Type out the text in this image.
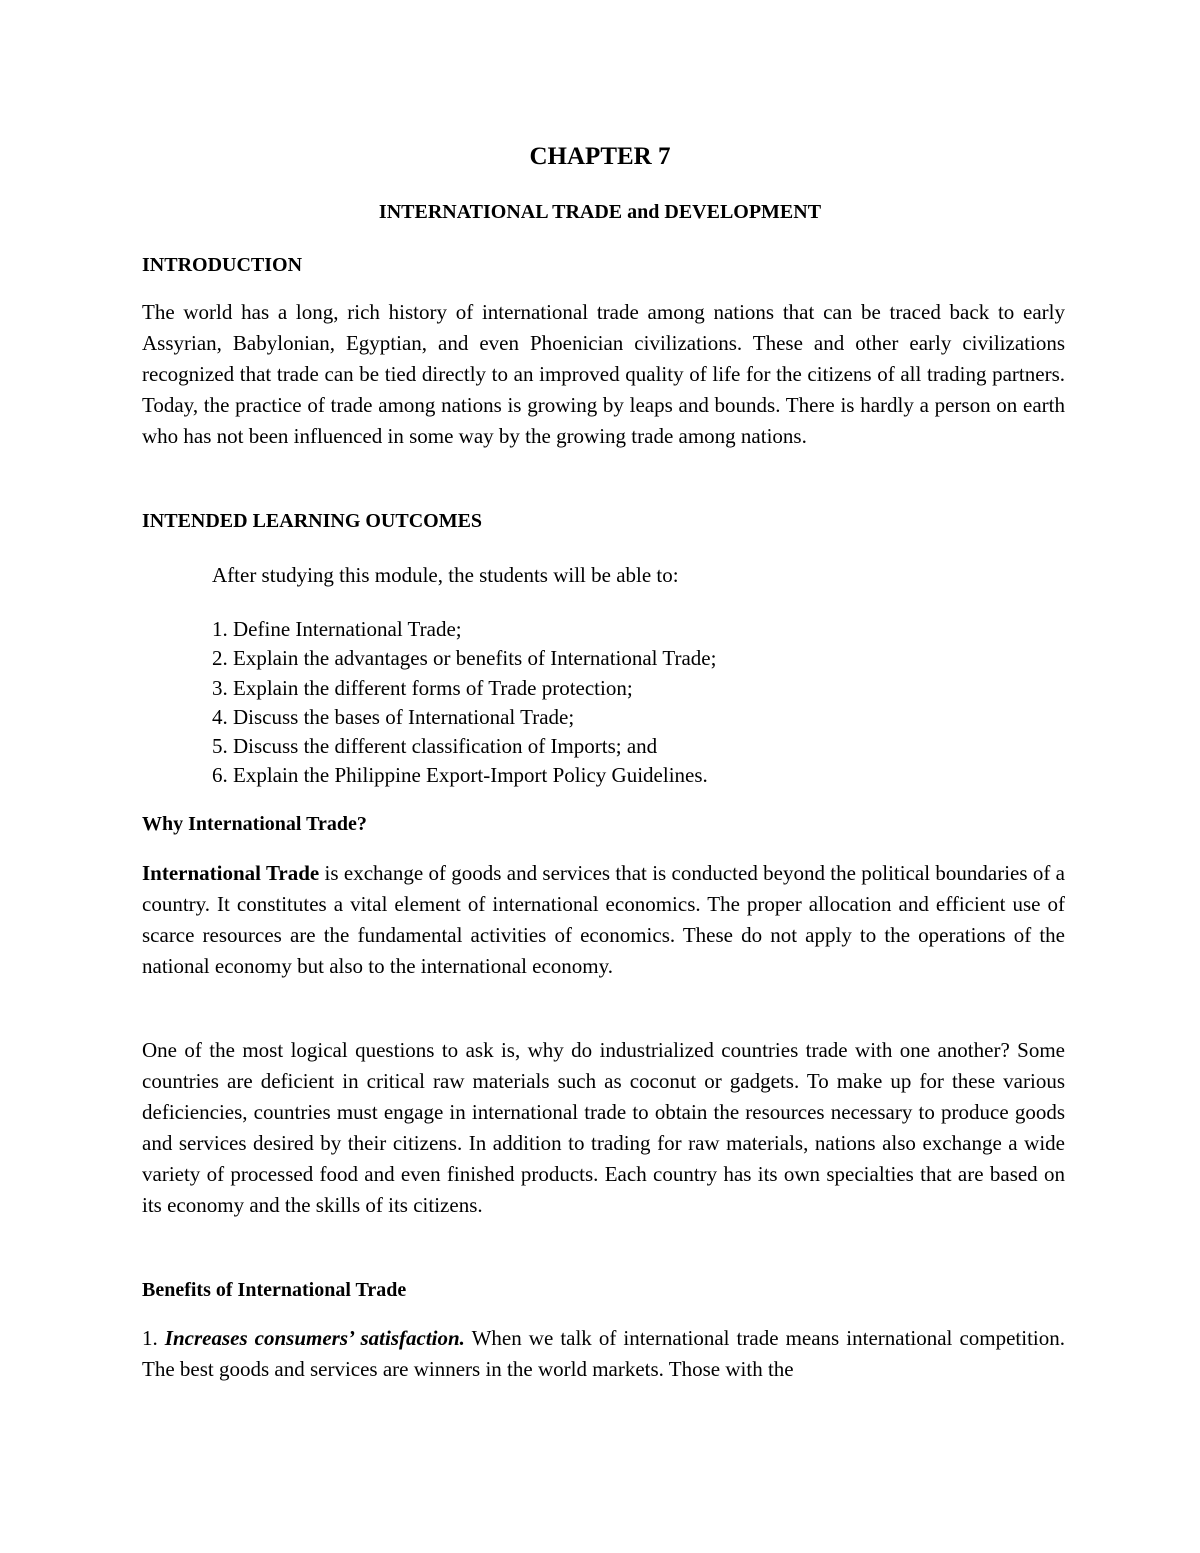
CHAPTER 7
INTERNATIONAL TRADE and DEVELOPMENT
INTRODUCTION
The world has a long, rich history of international trade among nations that can be traced back to early Assyrian, Babylonian, Egyptian, and even Phoenician civilizations. These and other early civilizations recognized that trade can be tied directly to an improved quality of life for the citizens of all trading partners. Today, the practice of trade among nations is growing by leaps and bounds. There is hardly a person on earth who has not been influenced in some way by the growing trade among nations.
INTENDED LEARNING OUTCOMES
After studying this module, the students will be able to:
1. Define International Trade;
2. Explain the advantages or benefits of International Trade;
3. Explain the different forms of Trade protection;
4. Discuss the bases of International Trade;
5. Discuss the different classification of Imports; and
6. Explain the Philippine Export-Import Policy Guidelines.
Why International Trade?
International Trade is exchange of goods and services that is conducted beyond the political boundaries of a country. It constitutes a vital element of international economics. The proper allocation and efficient use of scarce resources are the fundamental activities of economics. These do not apply to the operations of the national economy but also to the international economy.
One of the most logical questions to ask is, why do industrialized countries trade with one another? Some countries are deficient in critical raw materials such as coconut or gadgets. To make up for these various deficiencies, countries must engage in international trade to obtain the resources necessary to produce goods and services desired by their citizens. In addition to trading for raw materials, nations also exchange a wide variety of processed food and even finished products. Each country has its own specialties that are based on its economy and the skills of its citizens.
Benefits of International Trade
1. Increases consumers’ satisfaction. When we talk of international trade means international competition. The best goods and services are winners in the world markets. Those with the
